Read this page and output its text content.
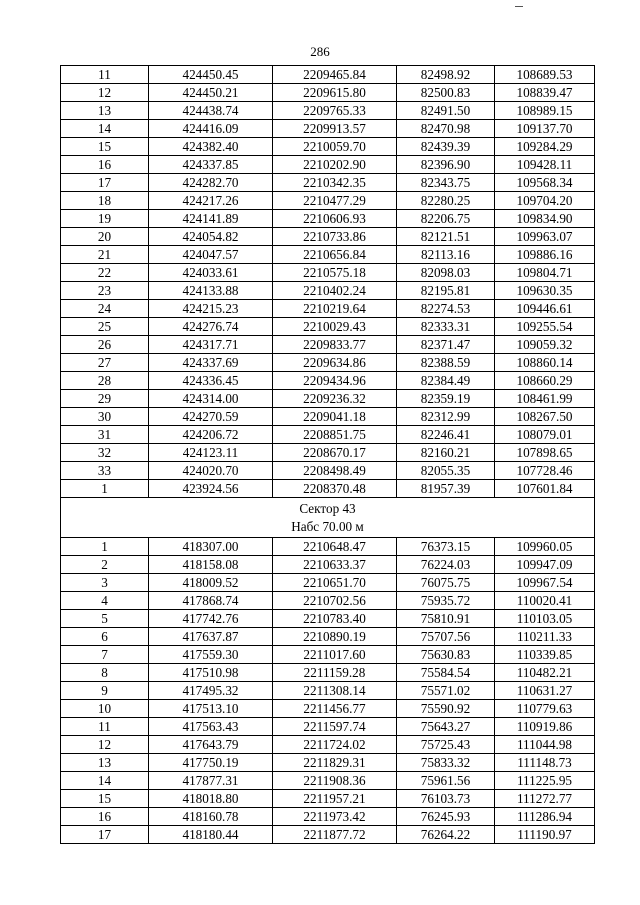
286
11	424450.45	2209465.84	82498.92	108689.53
12	424450.21	2209615.80	82500.83	108839.47
13	424438.74	2209765.33	82491.50	108989.15
14	424416.09	2209913.57	82470.98	109137.70
15	424382.40	2210059.70	82439.39	109284.29
16	424337.85	2210202.90	82396.90	109428.11
17	424282.70	2210342.35	82343.75	109568.34
18	424217.26	2210477.29	82280.25	109704.20
19	424141.89	2210606.93	82206.75	109834.90
20	424054.82	2210733.86	82121.51	109963.07
21	424047.57	2210656.84	82113.16	109886.16
22	424033.61	2210575.18	82098.03	109804.71
23	424133.88	2210402.24	82195.81	109630.35
24	424215.23	2210219.64	82274.53	109446.61
25	424276.74	2210029.43	82333.31	109255.54
26	424317.71	2209833.77	82371.47	109059.32
27	424337.69	2209634.86	82388.59	108860.14
28	424336.45	2209434.96	82384.49	108660.29
29	424314.00	2209236.32	82359.19	108461.99
30	424270.59	2209041.18	82312.99	108267.50
31	424206.72	2208851.75	82246.41	108079.01
32	424123.11	2208670.17	82160.21	107898.65
33	424020.70	2208498.49	82055.35	107728.46
1	423924.56	2208370.48	81957.39	107601.84

Сектор 43
Набс 70.00 м				

1	418307.00	2210648.47	76373.15	109960.05
2	418158.08	2210633.37	76224.03	109947.09
3	418009.52	2210651.70	76075.75	109967.54
4	417868.74	2210702.56	75935.72	110020.41
5	417742.76	2210783.40	75810.91	110103.05
6	417637.87	2210890.19	75707.56	110211.33
7	417559.30	2211017.60	75630.83	110339.85
8	417510.98	2211159.28	75584.54	110482.21
9	417495.32	2211308.14	75571.02	110631.27
10	417513.10	2211456.77	75590.92	110779.63
11	417563.43	2211597.74	75643.27	110919.86
12	417643.79	2211724.02	75725.43	111044.98
13	417750.19	2211829.31	75833.32	111148.73
14	417877.31	2211908.36	75961.56	111225.95
15	418018.80	2211957.21	76103.73	111272.77
16	418160.78	2211973.42	76245.93	111286.94
17	418180.44	2211877.72	76264.22	111190.97
